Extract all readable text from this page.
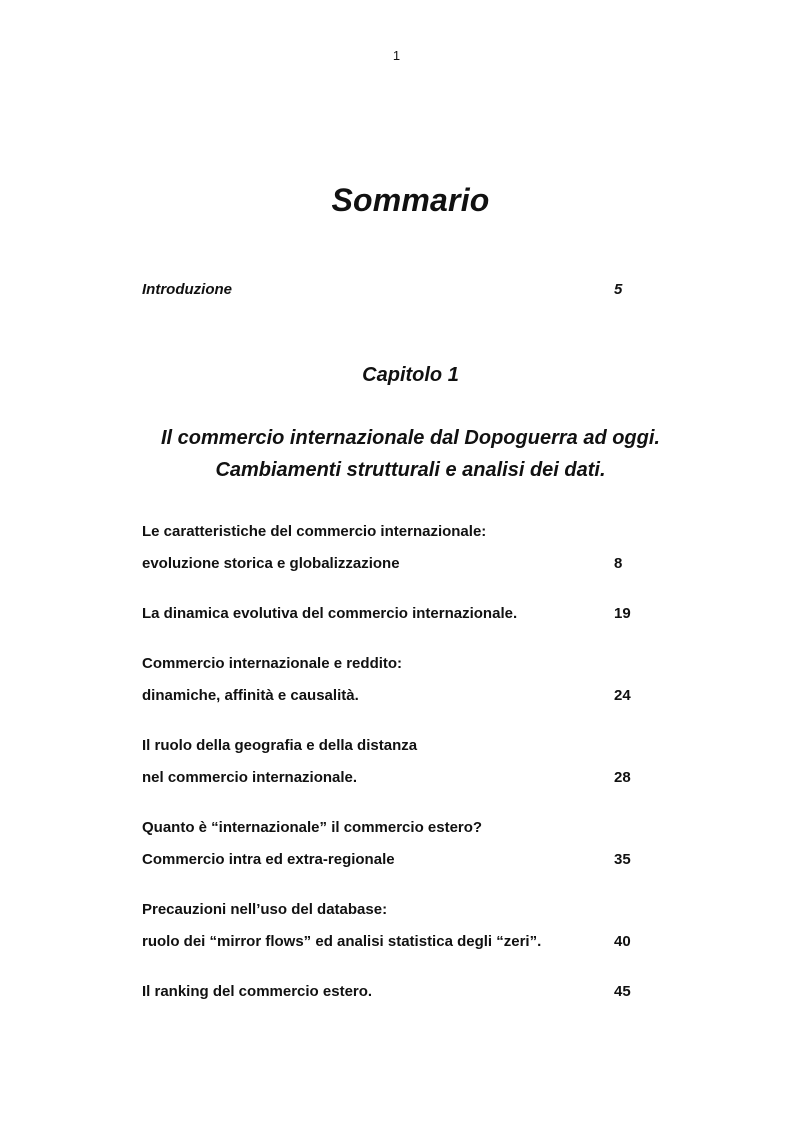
1
Sommario
Introduzione	5
Capitolo 1
Il commercio internazionale dal Dopoguerra ad oggi.
Cambiamenti strutturali e analisi dei dati.
Le caratteristiche del commercio internazionale:
evoluzione storica e globalizzazione	8
La dinamica evolutiva del commercio internazionale.	19
Commercio internazionale e reddito:
dinamiche, affinità e causalità.	24
Il ruolo della geografia e della distanza
nel commercio internazionale.	28
Quanto è “internazionale” il commercio estero?
Commercio intra ed extra-regionale	35
Precauzioni nell’uso del database:
ruolo dei “mirror flows” ed analisi statistica degli “zeri”.	40
Il ranking del commercio estero.	45
